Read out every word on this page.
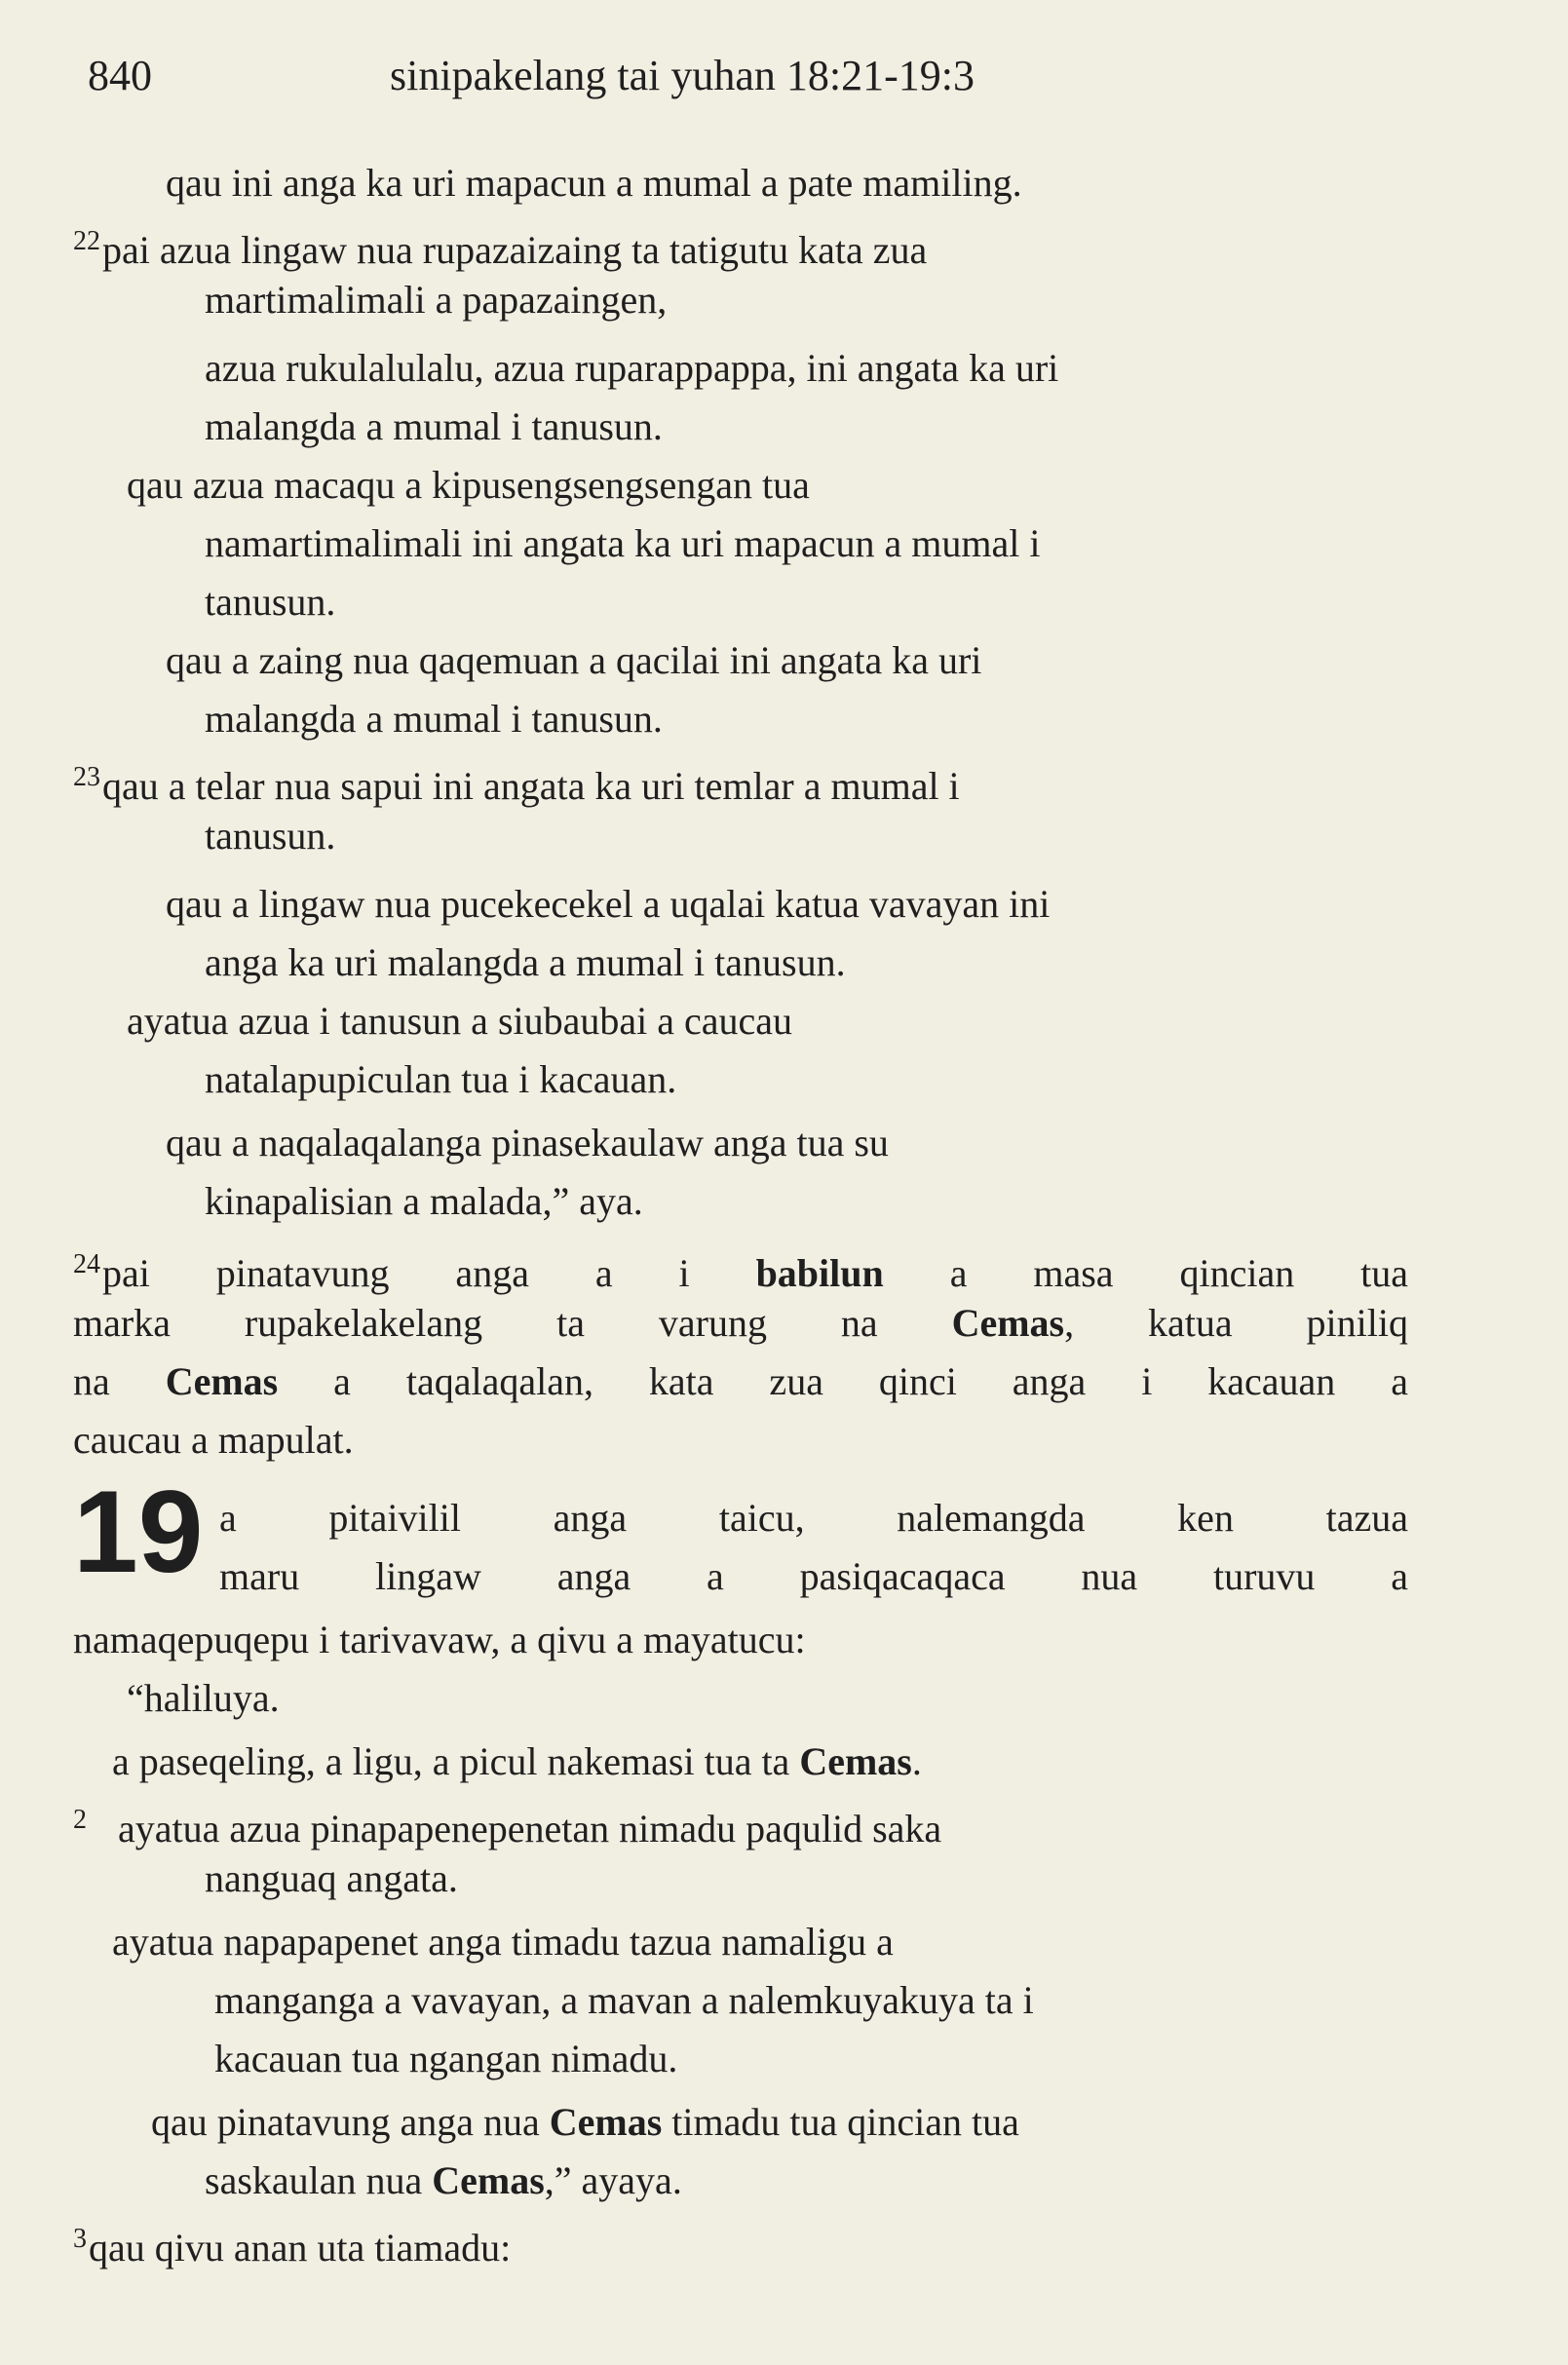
840	sinipakelang tai yuhan 18:21-19:3
qau ini anga ka uri mapacun a mumal a pate mamiling.
$^{22}$pai azua lingaw nua rupazaizaing ta tatigutu kata zua
martimalimali a papazaingen,
azua rukulalulalu, azua ruparappappa, ini angata ka uri
malangda a mumal i tanusun.
qau azua macaqu a kipusengsengsengan tua
namartimalimali ini angata ka uri mapacun a mumal i
tanusun.
qau a zaing nua qaqemuan a qacilai ini angata ka uri
malangda a mumal i tanusun.
$^{23}$qau a telar nua sapui ini angata ka uri temlar a mumal i
tanusun.
qau a lingaw nua pucekecekel a uqalai katua vavayan ini
anga ka uri malangda a mumal i tanusun.
ayatua azua i tanusun a siubaubai a caucau
natalapupiculan tua i kacauan.
qau a naqalaqalanga pinasekaulaw anga tua su
kinapalisian a malada,” aya.
$^{24}$pai pinatavung anga a i babilun a masa qincian tua
marka rupakelakelang ta varung na Cemas, katua piniliq
na Cemas a taqalaqalan, kata zua qinci anga i kacauan a
caucau a mapulat.
19 a pitaivilil anga taicu, nalemangda ken tazua
maru lingaw anga a pasiqacaqaca nua turuvu a
namaqepuqepu i tarivavaw, a qivu a mayatucu:
“haliluya.
a paseqeling, a ligu, a picul nakemasi tua ta Cemas.
$^2$ ayatua azua pinapapenepenetan nimadu paqulid saka
nanguaq angata.
ayatua napapapenet anga timadu tazua namaligu a
manganga a vavayan, a mavan a nalemkuyakuya ta i
kacauan tua ngangan nimadu.
qau pinatavung anga nua Cemas timadu tua qincian tua
saskaulan nua Cemas,” ayaya.
$^3$qau qivu anan uta tiamadu:
